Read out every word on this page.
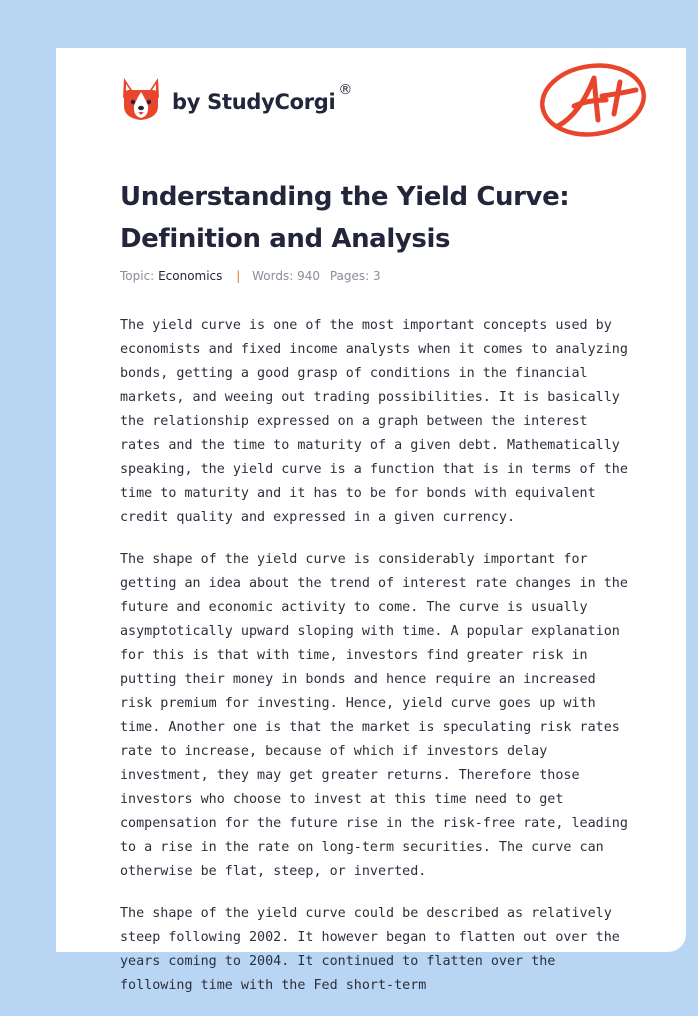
by StudyCorgi ®
Understanding the Yield Curve: Definition and Analysis
Topic: Economics | Words: 940 Pages: 3

The yield curve is one of the most important concepts used by economists and fixed income analysts when it comes to analyzing bonds, getting a good grasp of conditions in the financial markets, and weeing out trading possibilities. It is basically the relationship expressed on a graph between the interest rates and the time to maturity of a given debt. Mathematically speaking, the yield curve is a function that is in terms of the time to maturity and it has to be for bonds with equivalent credit quality and expressed in a given currency.

The shape of the yield curve is considerably important for getting an idea about the trend of interest rate changes in the future and economic activity to come. The curve is usually asymptotically upward sloping with time. A popular explanation for this is that with time, investors find greater risk in putting their money in bonds and hence require an increased risk premium for investing. Hence, yield curve goes up with time. Another one is that the market is speculating risk rates rate to increase, because of which if investors delay investment, they may get greater returns. Therefore those investors who choose to invest at this time need to get compensation for the future rise in the risk-free rate, leading to a rise in the rate on long-term securities. The curve can otherwise be flat, steep, or inverted.

The shape of the yield curve could be described as relatively steep following 2002. It however began to flatten out over the years coming to 2004. It continued to flatten over the following time with the Fed short-term
